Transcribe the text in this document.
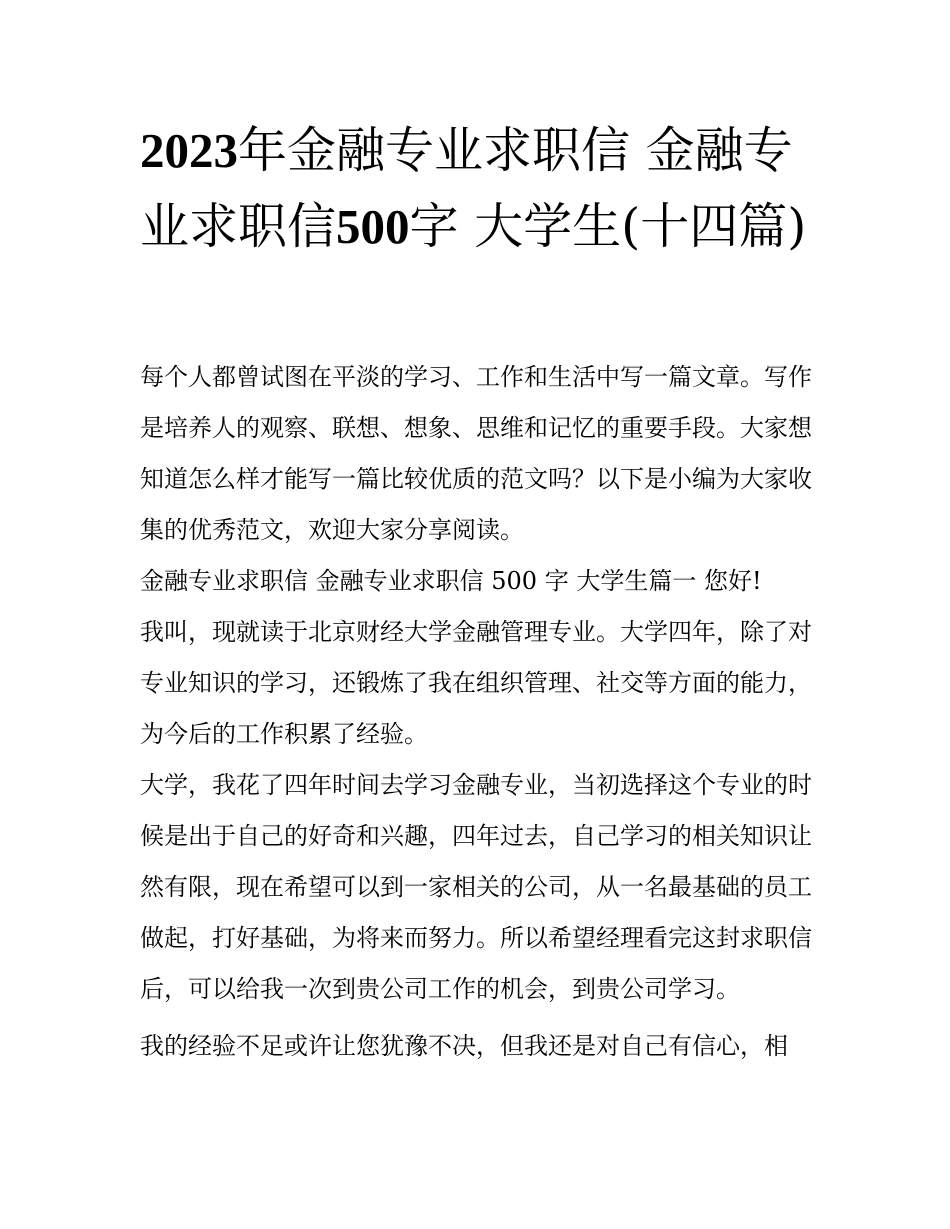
2023年金融专业求职信 金融专业求职信500字 大学生(十四篇)

每个人都曾试图在平淡的学习、工作和生活中写一篇文章。写作是培养人的观察、联想、想象、思维和记忆的重要手段。大家想知道怎么样才能写一篇比较优质的范文吗？以下是小编为大家收集的优秀范文，欢迎大家分享阅读。

金融专业求职信 金融专业求职信 500 字 大学生篇一 您好!

我叫，现就读于北京财经大学金融管理专业。大学四年，除了对专业知识的学习，还锻炼了我在组织管理、社交等方面的能力，为今后的工作积累了经验。

大学，我花了四年时间去学习金融专业，当初选择这个专业的时候是出于自己的好奇和兴趣，四年过去，自己学习的相关知识让然有限，现在希望可以到一家相关的公司，从一名最基础的员工做起，打好基础，为将来而努力。所以希望经理看完这封求职信后，可以给我一次到贵公司工作的机会，到贵公司学习。

我的经验不足或许让您犹豫不决，但我还是对自己有信心，相
